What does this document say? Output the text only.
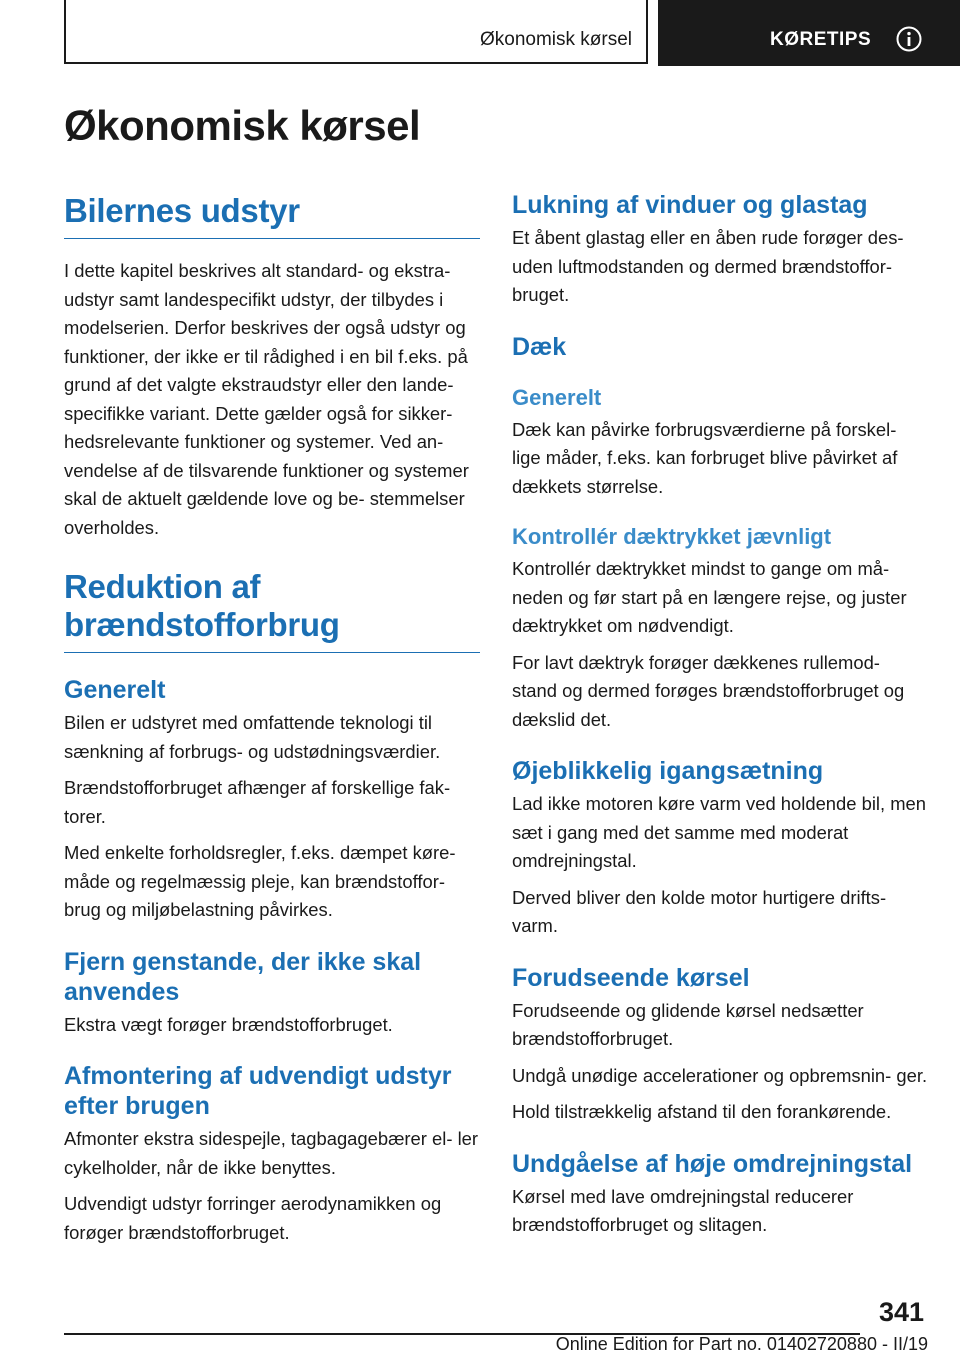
Økonomisk kørsel	KØRETIPS
Økonomisk kørsel
Bilernes udstyr

I dette kapitel beskrives alt standard- og ekstra- udstyr samt landespecifikt udstyr, der tilbydes i modelserien. Derfor beskrives der også udstyr og funktioner, der ikke er til rådighed i en bil f.eks. på grund af det valgte ekstraudstyr eller den lande- specifikke variant. Dette gælder også for sikker- hedsrelevante funktioner og systemer. Ved an- vendelse af de tilsvarende funktioner og systemer skal de aktuelt gældende love og be- stemmelser overholdes.

Reduktion af brændstofforbrug
Generelt

Bilen er udstyret med omfattende teknologi til sænkning af forbrugs- og udstødningsværdier.

Brændstofforbruget afhænger af forskellige fak- torer.

Med enkelte forholdsregler, f.eks. dæmpet køre- måde og regelmæssig pleje, kan brændstoffor- brug og miljøbelastning påvirkes.

Fjern genstande, der ikke skal anvendes

Ekstra vægt forøger brændstofforbruget.

Afmontering af udvendigt udstyr efter brugen

Afmonter ekstra sidespejle, tagbagagebærer el- ler cykelholder, når de ikke benyttes.

Udvendigt udstyr forringer aerodynamikken og forøger brændstofforbruget.

Lukning af vinduer og glastag

Et åbent glastag eller en åben rude forøger des- uden luftmodstanden og dermed brændstoffor- bruget.

Dæk
Generelt

Dæk kan påvirke forbrugsværdierne på forskel- lige måder, f.eks. kan forbruget blive påvirket af dækkets størrelse.

Kontrollér dæktrykket jævnligt

Kontrollér dæktrykket mindst to gange om må- neden og før start på en længere rejse, og juster dæktrykket om nødvendigt.

For lavt dæktryk forøger dækkenes rullemod- stand og dermed forøges brændstofforbruget og dækslid det.

Øjeblikkelig igangsætning

Lad ikke motoren køre varm ved holdende bil, men sæt i gang med det samme med moderat omdrejningstal.

Derved bliver den kolde motor hurtigere drifts- varm.

Forudseende kørsel

Forudseende og glidende kørsel nedsætter brændstofforbruget.

Undgå unødige accelerationer og opbremsnin- ger.

Hold tilstrækkelig afstand til den forankørende.

Undgåelse af høje omdrejningstal

Kørsel med lave omdrejningstal reducerer brændstofforbruget og slitagen.

341
Online Edition for Part no. 01402720880 - II/19
